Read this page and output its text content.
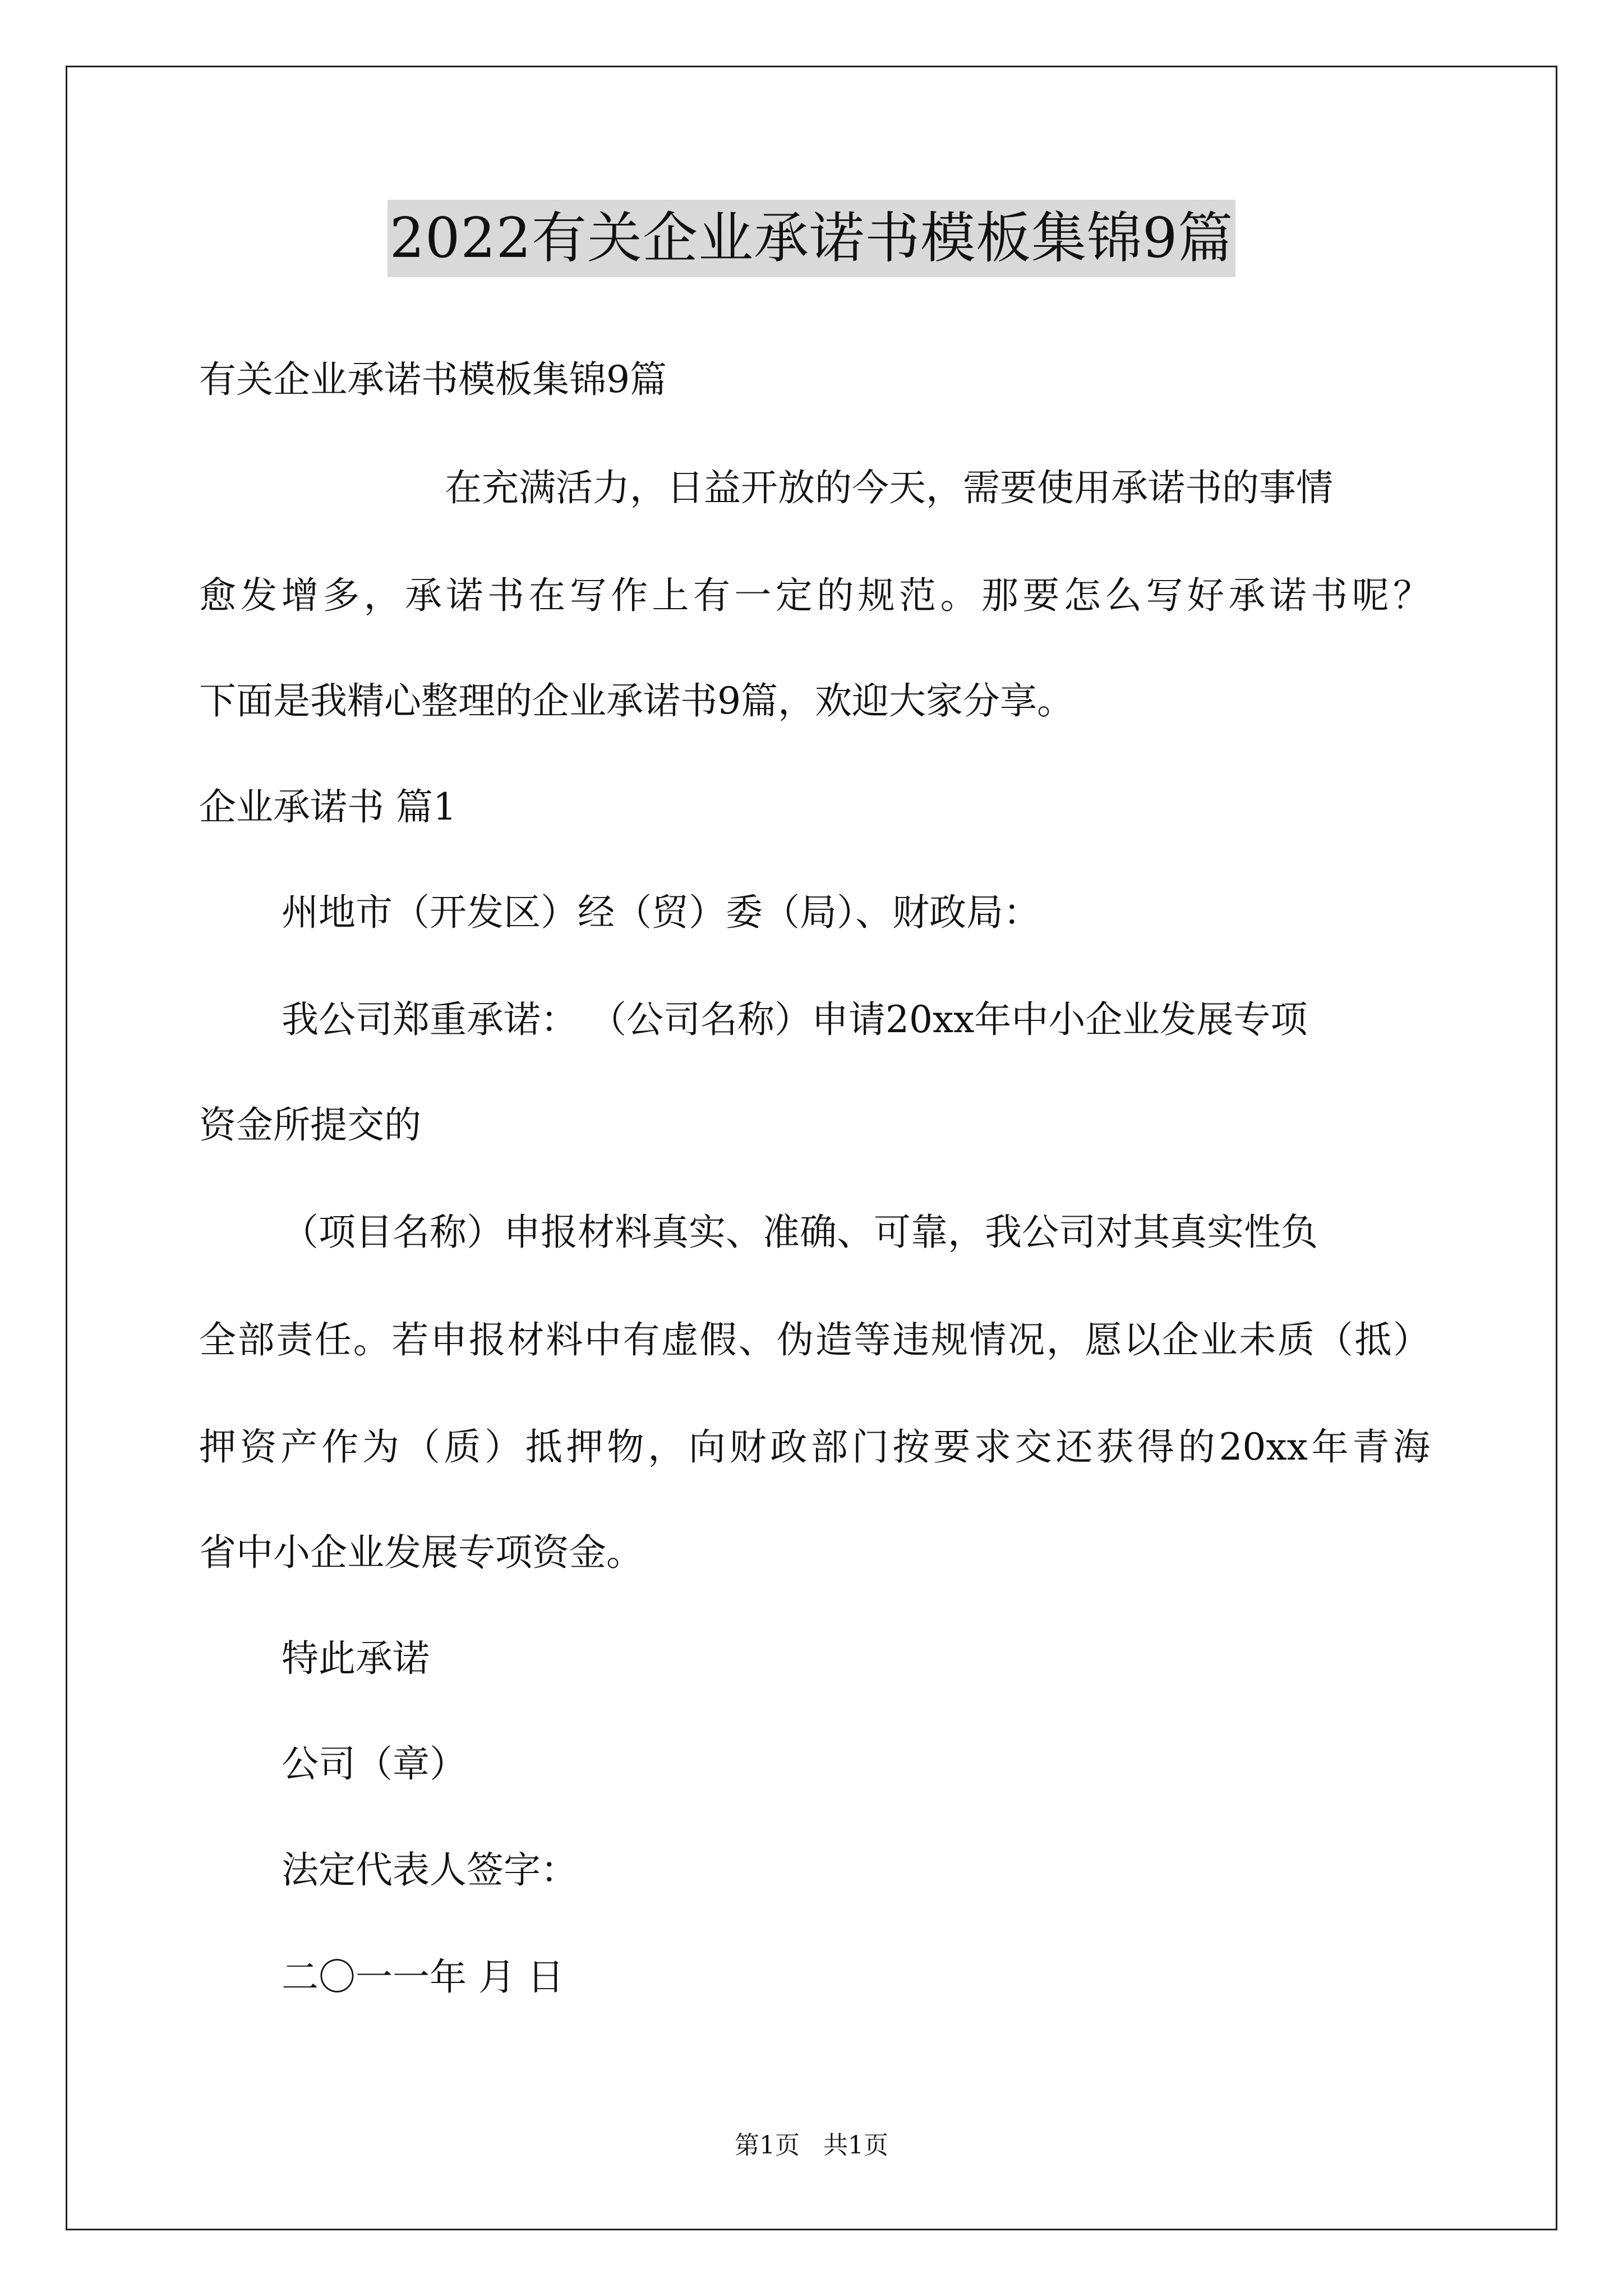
2022有关企业承诺书模板集锦9篇
有关企业承诺书模板集锦9篇
在充满活力，日益开放的今天，需要使用承诺书的事情
愈发增多，承诺书在写作上有一定的规范。那要怎么写好承诺书呢？
下面是我精心整理的企业承诺书9篇，欢迎大家分享。
企业承诺书 篇1
州地市（开发区）经（贸）委（局）、财政局：
我公司郑重承诺： （公司名称）申请20xx年中小企业发展专项
资金所提交的
（项目名称）申报材料真实、准确、可靠，我公司对其真实性负
全部责任。若申报材料中有虚假、伪造等违规情况，愿以企业未质（抵）
押资产作为（质）抵押物，向财政部门按要求交还获得的20xx年青海
省中小企业发展专项资金。
特此承诺
公司（章）
法定代表人签字：
二〇一一年 月 日
第1页   共1页
